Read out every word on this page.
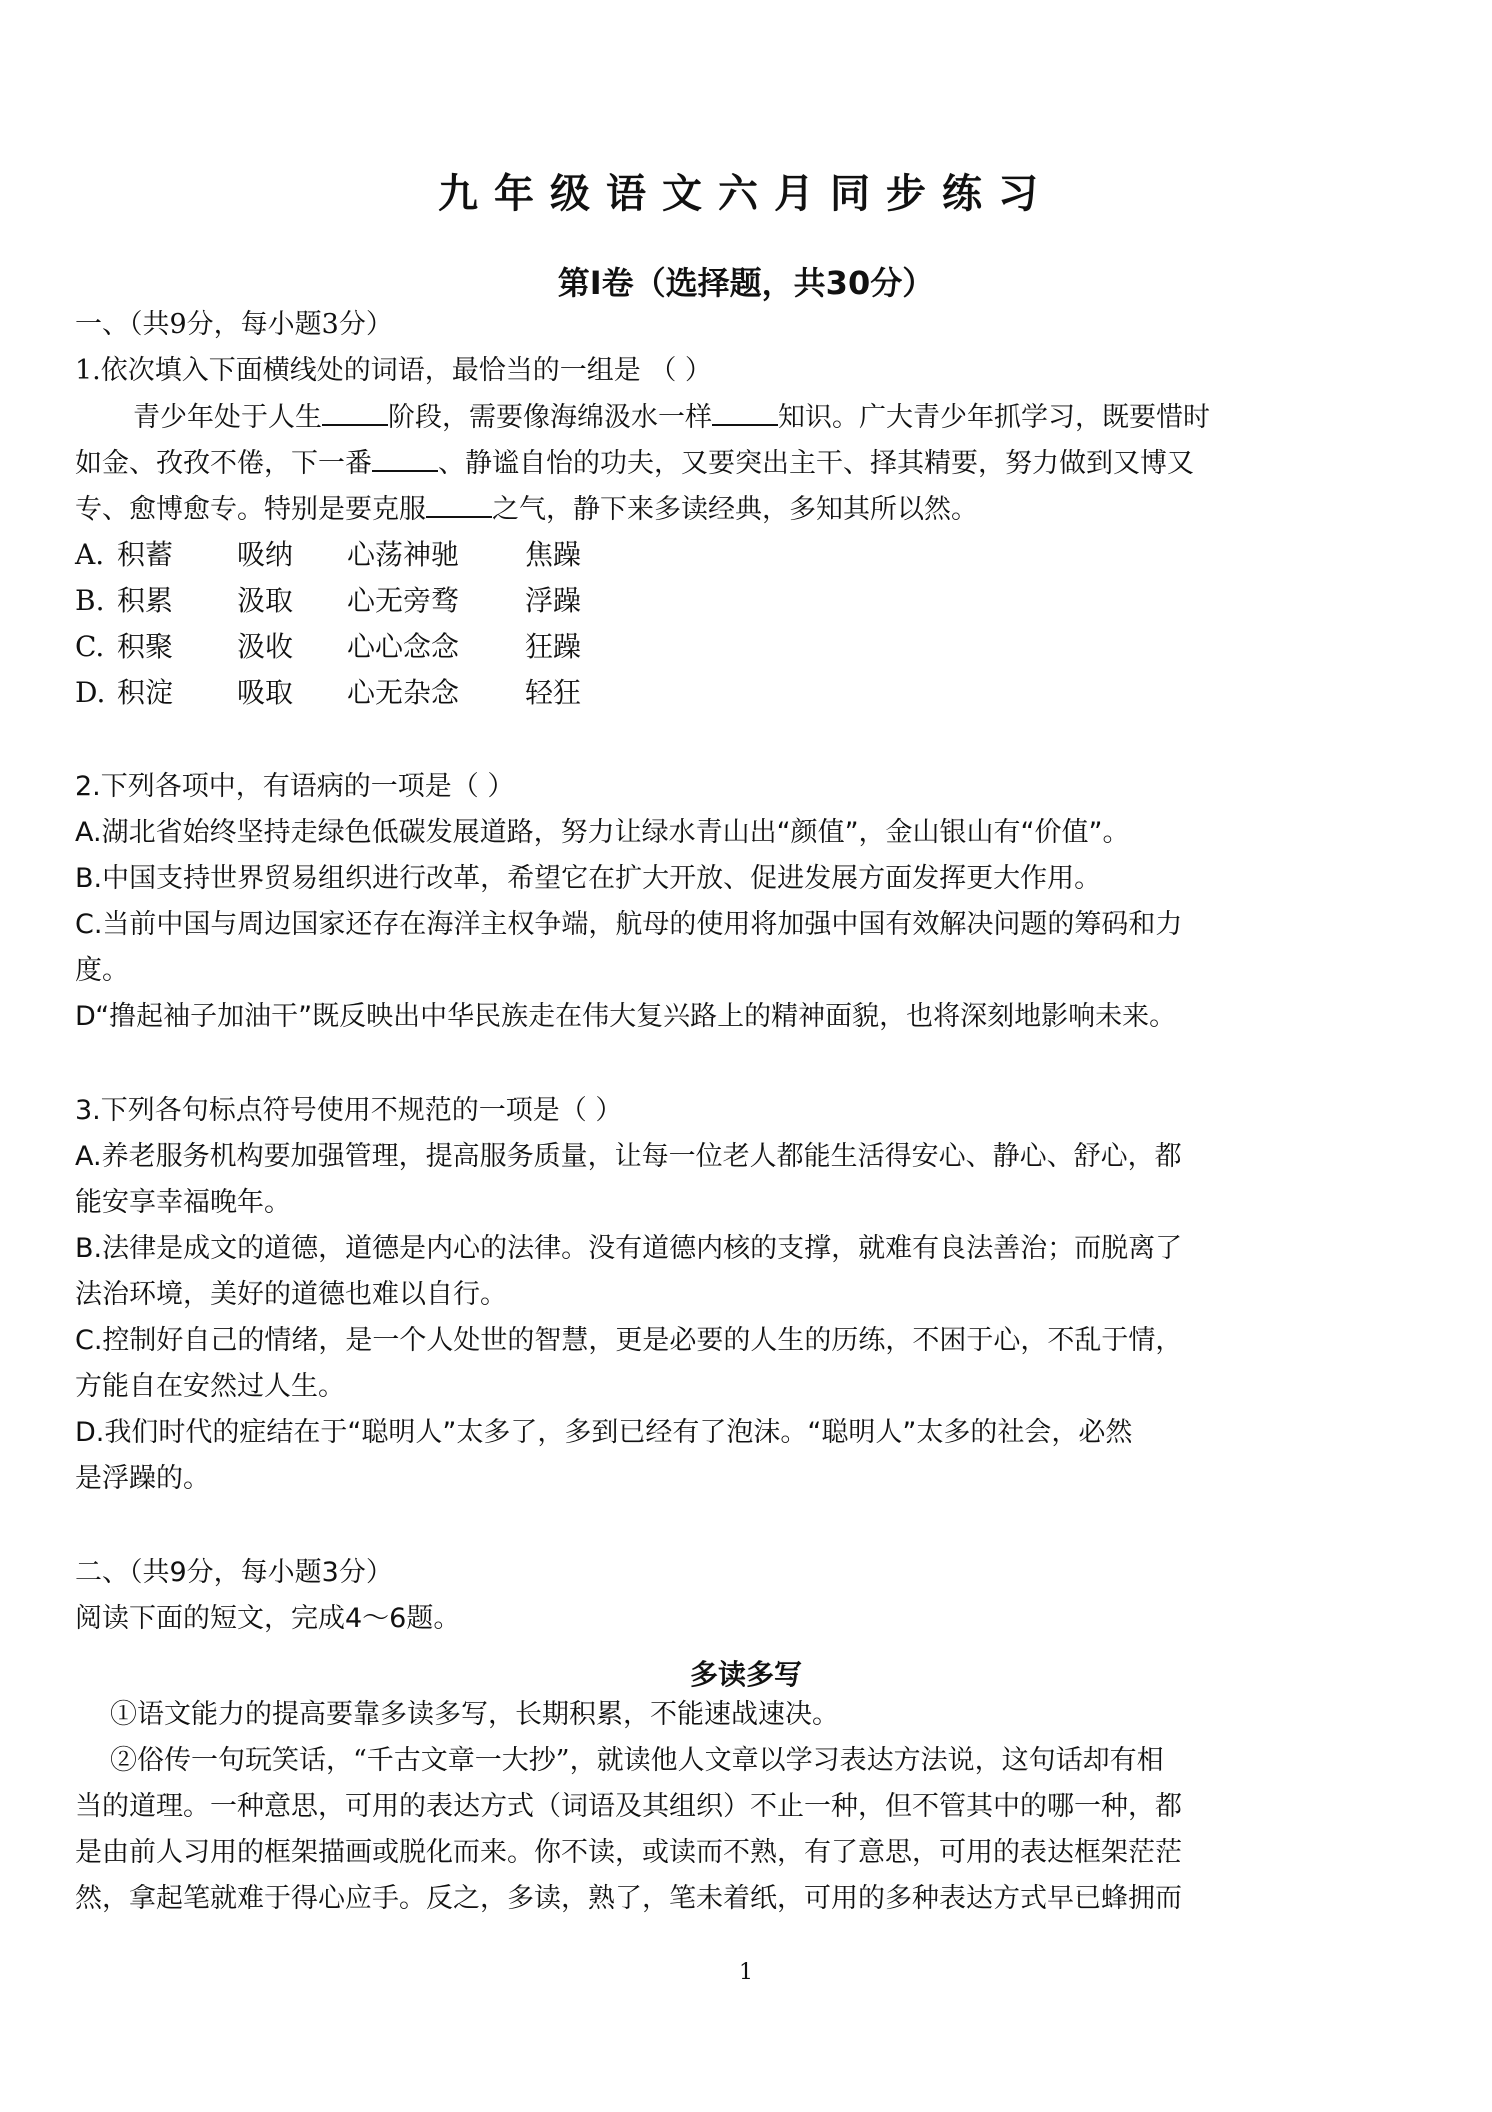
九年级语文六月同步练习
第Ⅰ卷（选择题，共30分）
一、（共9分，每小题3分）
1.依次填入下面横线处的词语，最恰当的一组是 （ ）
青少年处于人生 阶段，需要像海绵汲水一样 知识。广大青少年抓学习，既要惜时
如金、孜孜不倦，下一番 、静谧自怡的功夫，又要突出主干、择其精要，努力做到又博又
专、愈博愈专。特别是要克服 之气，静下来多读经典，多知其所以然。
A. 积蓄 吸纳 心荡神驰 焦躁
B. 积累 汲取 心无旁骛 浮躁
C. 积聚 汲收 心心念念 狂躁
D. 积淀 吸取 心无杂念 轻狂
2.下列各项中，有语病的一项是（ ）
A.湖北省始终坚持走绿色低碳发展道路，努力让绿水青山出“颜值”，金山银山有“价值”。
B.中国支持世界贸易组织进行改革，希望它在扩大开放、促进发展方面发挥更大作用。
C.当前中国与周边国家还存在海洋主权争端，航母的使用将加强中国有效解决问题的筹码和力
度。
D“撸起袖子加油干”既反映出中华民族走在伟大复兴路上的精神面貌，也将深刻地影响未来。
3.下列各句标点符号使用不规范的一项是（ ）
A.养老服务机构要加强管理，提高服务质量，让每一位老人都能生活得安心、静心、舒心，都
能安享幸福晚年。
B.法律是成文的道德，道德是内心的法律。没有道德内核的支撑，就难有良法善治；而脱离了
法治环境，美好的道德也难以自行。
C.控制好自己的情绪，是一个人处世的智慧，更是必要的人生的历练，不困于心，不乱于情，
方能自在安然过人生。
D.我们时代的症结在于“聪明人”太多了，多到已经有了泡沫。“聪明人”太多的社会，必然
是浮躁的。
二、（共9分，每小题3分）
阅读下面的短文，完成4～6题。
多读多写
①语文能力的提高要靠多读多写，长期积累，不能速战速决。
②俗传一句玩笑话，“千古文章一大抄”，就读他人文章以学习表达方法说，这句话却有相
当的道理。一种意思，可用的表达方式（词语及其组织）不止一种，但不管其中的哪一种，都
是由前人习用的框架描画或脱化而来。你不读，或读而不熟，有了意思，可用的表达框架茫茫
然，拿起笔就难于得心应手。反之，多读，熟了，笔未着纸，可用的多种表达方式早已蜂拥而
1
